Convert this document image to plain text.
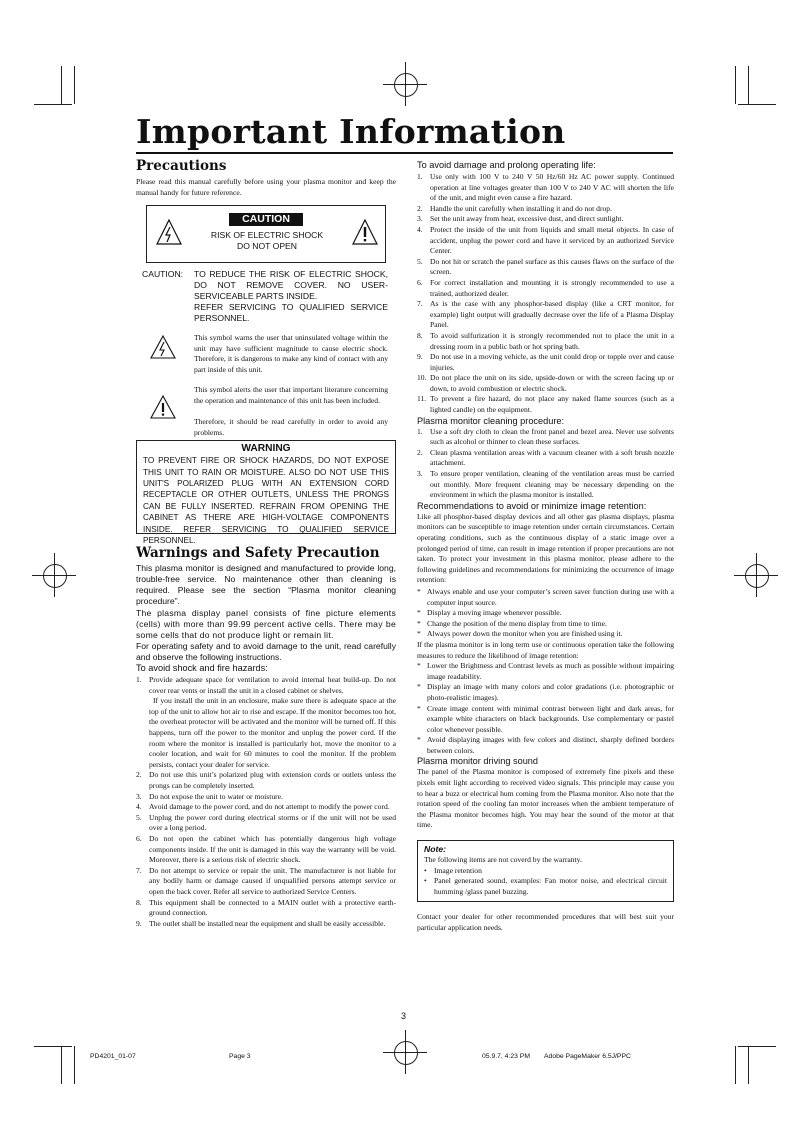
Important Information
Precautions
Please read this manual carefully before using your plasma monitor and keep the manual handy for future reference.
CAUTION
RISK OF ELECTRIC SHOCK
DO NOT OPEN
CAUTION: TO REDUCE THE RISK OF ELECTRIC SHOCK, DO NOT REMOVE COVER. NO USER-SERVICEABLE PARTS INSIDE.
REFER SERVICING TO QUALIFIED SERVICE PERSONNEL.
This symbol warns the user that uninsulated voltage within the unit may have sufficient magnitude to cause electric shock. Therefore, it is dangerous to make any kind of contact with any part inside of this unit.
This symbol alerts the user that important literature concerning the operation and maintenance of this unit has been included.
Therefore, it should be read carefully in order to avoid any problems.
WARNING
TO PREVENT FIRE OR SHOCK HAZARDS, DO NOT EXPOSE THIS UNIT TO RAIN OR MOISTURE. ALSO DO NOT USE THIS UNIT'S POLARIZED PLUG WITH AN EXTENSION CORD RECEPTACLE OR OTHER OUTLETS, UNLESS THE PRONGS CAN BE FULLY INSERTED. REFRAIN FROM OPENING THE CABINET AS THERE ARE HIGH-VOLTAGE COMPONENTS INSIDE. REFER SERVICING TO QUALIFIED SERVICE PERSONNEL.
Warnings and Safety Precaution
This plasma monitor is designed and manufactured to provide long, trouble-free service. No maintenance other than cleaning is required. Please see the section “Plasma monitor cleaning procedure”.
The plasma display panel consists of fine picture elements (cells) with more than 99.99 percent active cells. There may be some cells that do not produce light or remain lit.
For operating safety and to avoid damage to the unit, read carefully and observe the following instructions.
To avoid shock and fire hazards:
1. Provide adequate space for ventilation to avoid internal heat build-up. Do not cover rear vents or install the unit in a closed cabinet or shelves.
If you install the unit in an enclosure, make sure there is adequate space at the top of the unit to allow hot air to rise and escape. If the monitor becomes too hot, the overheat protector will be activated and the monitor will be turned off. If this happens, turn off the power to the monitor and unplug the power cord. If the room where the monitor is installed is particularly hot, move the monitor to a cooler location, and wait for 60 minutes to cool the monitor. If the problem persists, contact your dealer for service.
2. Do not use this unit’s polarized plug with extension cords or outlets unless the prongs can be completely inserted.
3. Do not expose the unit to water or moisture.
4. Avoid damage to the power cord, and do not attempt to modify the power cord.
5. Unplug the power cord during electrical storms or if the unit will not be used over a long period.
6. Do not open the cabinet which has potentially dangerous high voltage components inside. If the unit is damaged in this way the warranty will be void. Moreover, there is a serious risk of electric shock.
7. Do not attempt to service or repair the unit. The manufacturer is not liable for any bodily harm or damage caused if unqualified persons attempt service or open the back cover. Refer all service to authorized Service Centers.
8. This equipment shall be connected to a MAIN outlet with a protective earth-ground connection.
9. The outlet shall be installed near the equipment and shall be easily accessible.
To avoid damage and prolong operating life:
1. Use only with 100 V to 240 V 50 Hz/60 Hz AC power supply. Continued operation at line voltages greater than 100 V to 240 V AC will shorten the life of the unit, and might even cause a fire hazard.
2. Handle the unit carefully when installing it and do not drop.
3. Set the unit away from heat, excessive dust, and direct sunlight.
4. Protect the inside of the unit from liquids and small metal objects. In case of accident, unplug the power cord and have it serviced by an authorized Service Center.
5. Do not hit or scratch the panel surface as this causes flaws on the surface of the screen.
6. For correct installation and mounting it is strongly recommended to use a trained, authorized dealer.
7. As is the case with any phosphor-based display (like a CRT monitor, for example) light output will gradually decrease over the life of a Plasma Display Panel.
8. To avoid sulfurization it is strongly recommended not to place the unit in a dressing room in a public bath or hot spring bath.
9. Do not use in a moving vehicle, as the unit could drop or topple over and cause injuries.
10. Do not place the unit on its side, upside-down or with the screen facing up or down, to avoid combustion or electric shock.
11. To prevent a fire hazard, do not place any naked flame sources (such as a lighted candle) on the equipment.
Plasma monitor cleaning procedure:
1. Use a soft dry cloth to clean the front panel and bezel area. Never use solvents such as alcohol or thinner to clean these surfaces.
2. Clean plasma ventilation areas with a vacuum cleaner with a soft brush nozzle attachment.
3. To ensure proper ventilation, cleaning of the ventilation areas must be carried out monthly. More frequent cleaning may be necessary depending on the environment in which the plasma monitor is installed.
Recommendations to avoid or minimize image retention:
Like all phosphor-based display devices and all other gas plasma displays, plasma monitors can be susceptible to image retention under certain circumstances. Certain operating conditions, such as the continuous display of a static image over a prolonged period of time, can result in image retention if proper precautions are not taken. To protect your investment in this plasma monitor, please adhere to the following guidelines and recommendations for minimizing the occurrence of image retention:
* Always enable and use your computer’s screen saver function during use with a computer input source.
* Display a moving image whenever possible.
* Change the position of the menu display from time to time.
* Always power down the monitor when you are finished using it.
If the plasma monitor is in long term use or continuous operation take the following measures to reduce the likelihood of image retention:
* Lower the Brightness and Contrast levels as much as possible without impairing image readability.
* Display an image with many colors and color gradations (i.e. photographic or photo-realistic images).
* Create image content with minimal contrast between light and dark areas, for example white characters on black backgrounds. Use complementary or pastel color whenever possible.
* Avoid displaying images with few colors and distinct, sharply defined borders between colors.
Plasma monitor driving sound
The panel of the Plasma monitor is composed of extremely fine pixels and these pixels emit light according to received video signals. This principle may cause you to hear a buzz or electrical hum coming from the Plasma monitor. Also note that the rotation speed of the cooling fan motor increases when the ambient temperature of the Plasma monitor becomes high. You may hear the sound of the motor at that time.
Note:
The following items are not coverd by the warranty.
• Image retention
• Panel generated sound, examples: Fan motor noise, and electrical circuit humming /glass panel buzzing.
Contact your dealer for other recommended procedures that will best suit your particular application needs.
3
PD4201_01-07	Page 3	05.9.7, 4:23 PM Adobe PageMaker 6.5J/PPC
